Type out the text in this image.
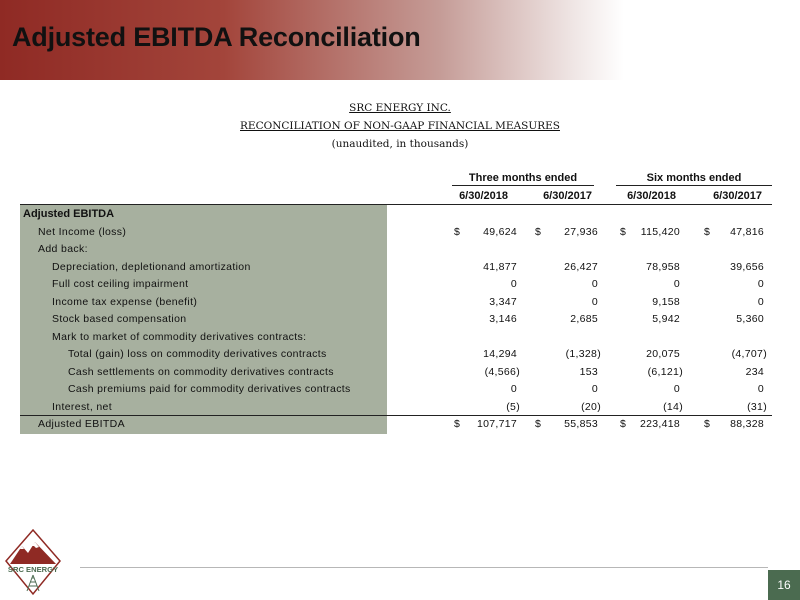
Adjusted EBITDA Reconciliation
SRC ENERGY INC.
RECONCILIATION OF NON-GAAP FINANCIAL MEASURES
(unaudited, in thousands)
Three months ended	Six months ended
6/30/2018	6/30/2017	6/30/2018	6/30/2017
Adjusted EBITDA
Net Income (loss)	$ 49,624 $ 27,936 $ 115,420 $ 47,816
Add back:
Depreciation, depletionand amortization	41,877	26,427	78,958	39,656
Full cost ceiling impairment	0	0	0	0
Income tax expense (benefit)	3,347	0	9,158	0
Stock based compensation	3,146	2,685	5,942	5,360
Mark to market of commodity derivatives contracts:
Total (gain) loss on commodity derivatives contracts	14,294	(1,328)	20,075	(4,707)
Cash settlements on commodity derivatives contracts	(4,566)	153	(6,121)	234
Cash premiums paid for commodity derivatives contracts	0	0	0	0
Interest, net	(5)	(20)	(14)	(31)
Adjusted EBITDA	$ 107,717 $ 55,853 $ 223,418 $ 88,328
SRC ENERGY
16
